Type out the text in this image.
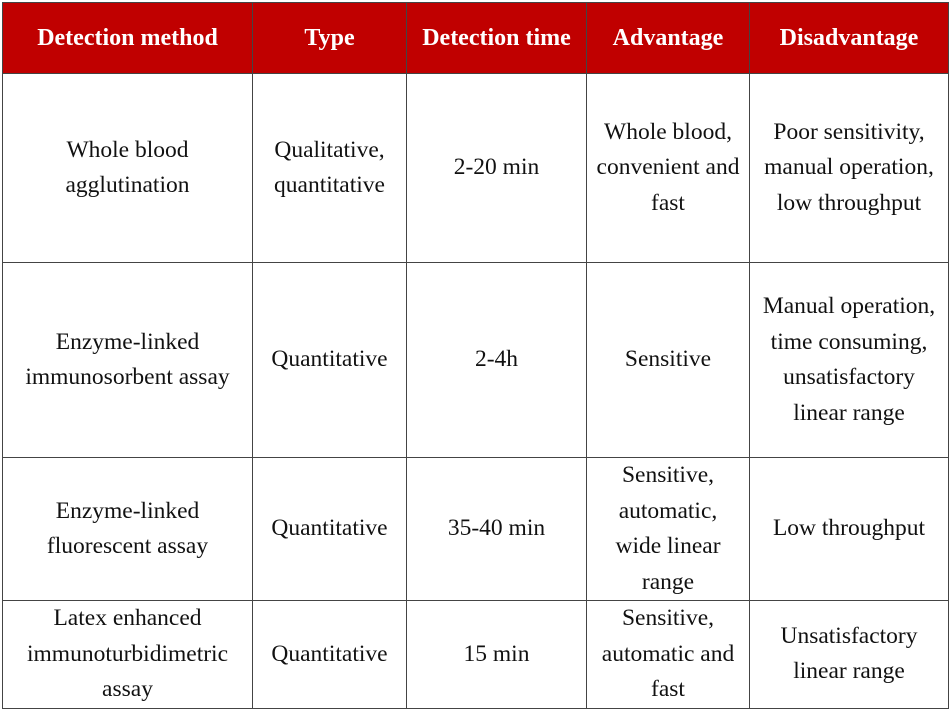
Detection method	Type	Detection time	Advantage	Disadvantage
Whole blood agglutination	Qualitative, quantitative	2-20 min	Whole blood, convenient and fast	Poor sensitivity, manual operation, low throughput
Enzyme-linked immunosorbent assay	Quantitative	2-4h	Sensitive	Manual operation, time consuming, unsatisfactory linear range
Enzyme-linked fluorescent assay	Quantitative	35-40 min	Sensitive, automatic, wide linear range	Low throughput
Latex enhanced immunoturbidimetric assay	Quantitative	15 min	Sensitive, automatic and fast	Unsatisfactory linear range
